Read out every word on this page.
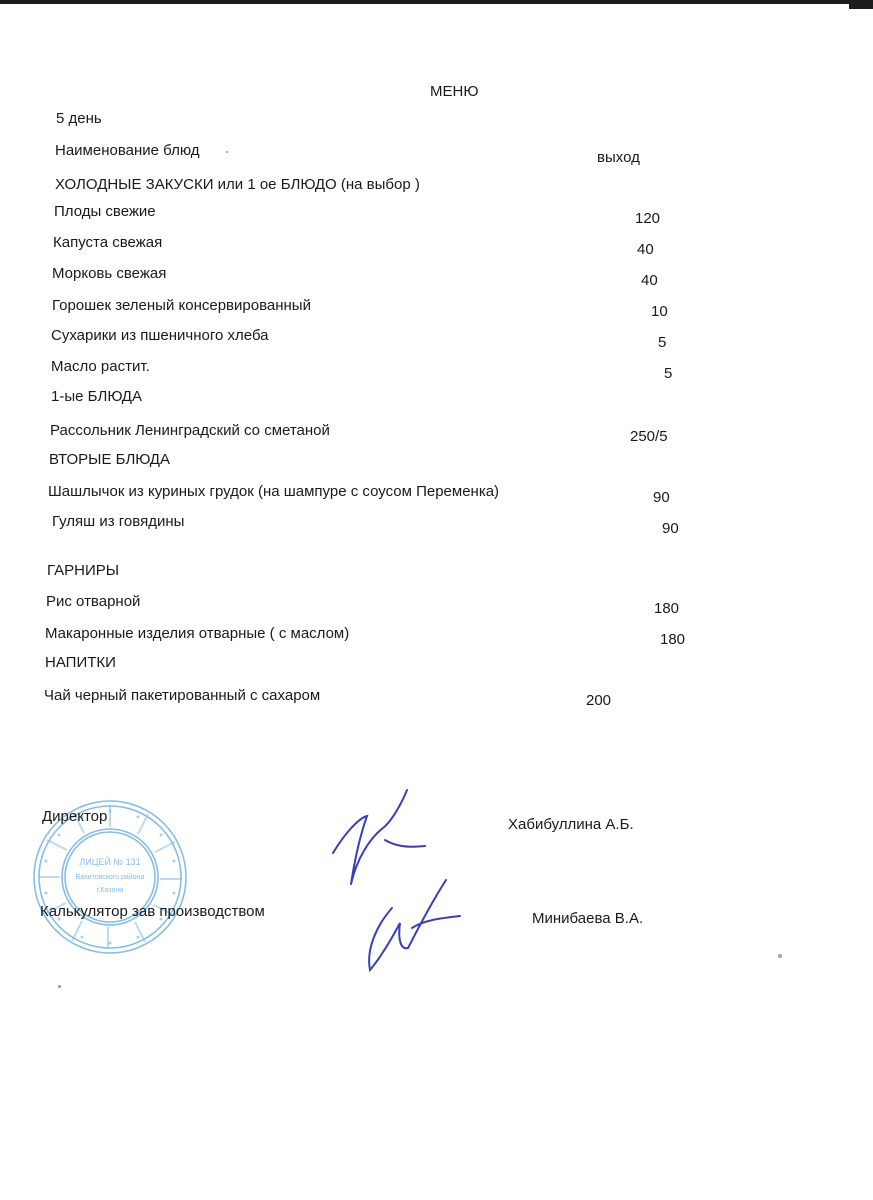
МЕНЮ
5 день
Наименование блюд	выход
ХОЛОДНЫЕ ЗАКУСКИ или 1 ое БЛЮДО (на выбор )
Плоды свежие	120
Капуста свежая	40
Морковь свежая	40
Горошек зеленый консервированный	10
Сухарики из пшеничного хлеба	5
Масло растит.	5
1-ые БЛЮДА
Рассольник Ленинградский со сметаной	250/5
ВТОРЫЕ БЛЮДА
Шашлычок из куриных грудок (на шампуре с соусом Переменка)	90
Гуляш из говядины	90
ГАРНИРЫ
Рис отварной	180
Макаронные изделия отварные ( с маслом)	180
НАПИТКИ
Чай черный пакетированный с сахаром	200
ЛИЦЕЙ № 131
Вахитовского района
г.Казани
Директор	Хабибуллина А.Б.
Калькулятор зав производством	Минибаева В.А.
